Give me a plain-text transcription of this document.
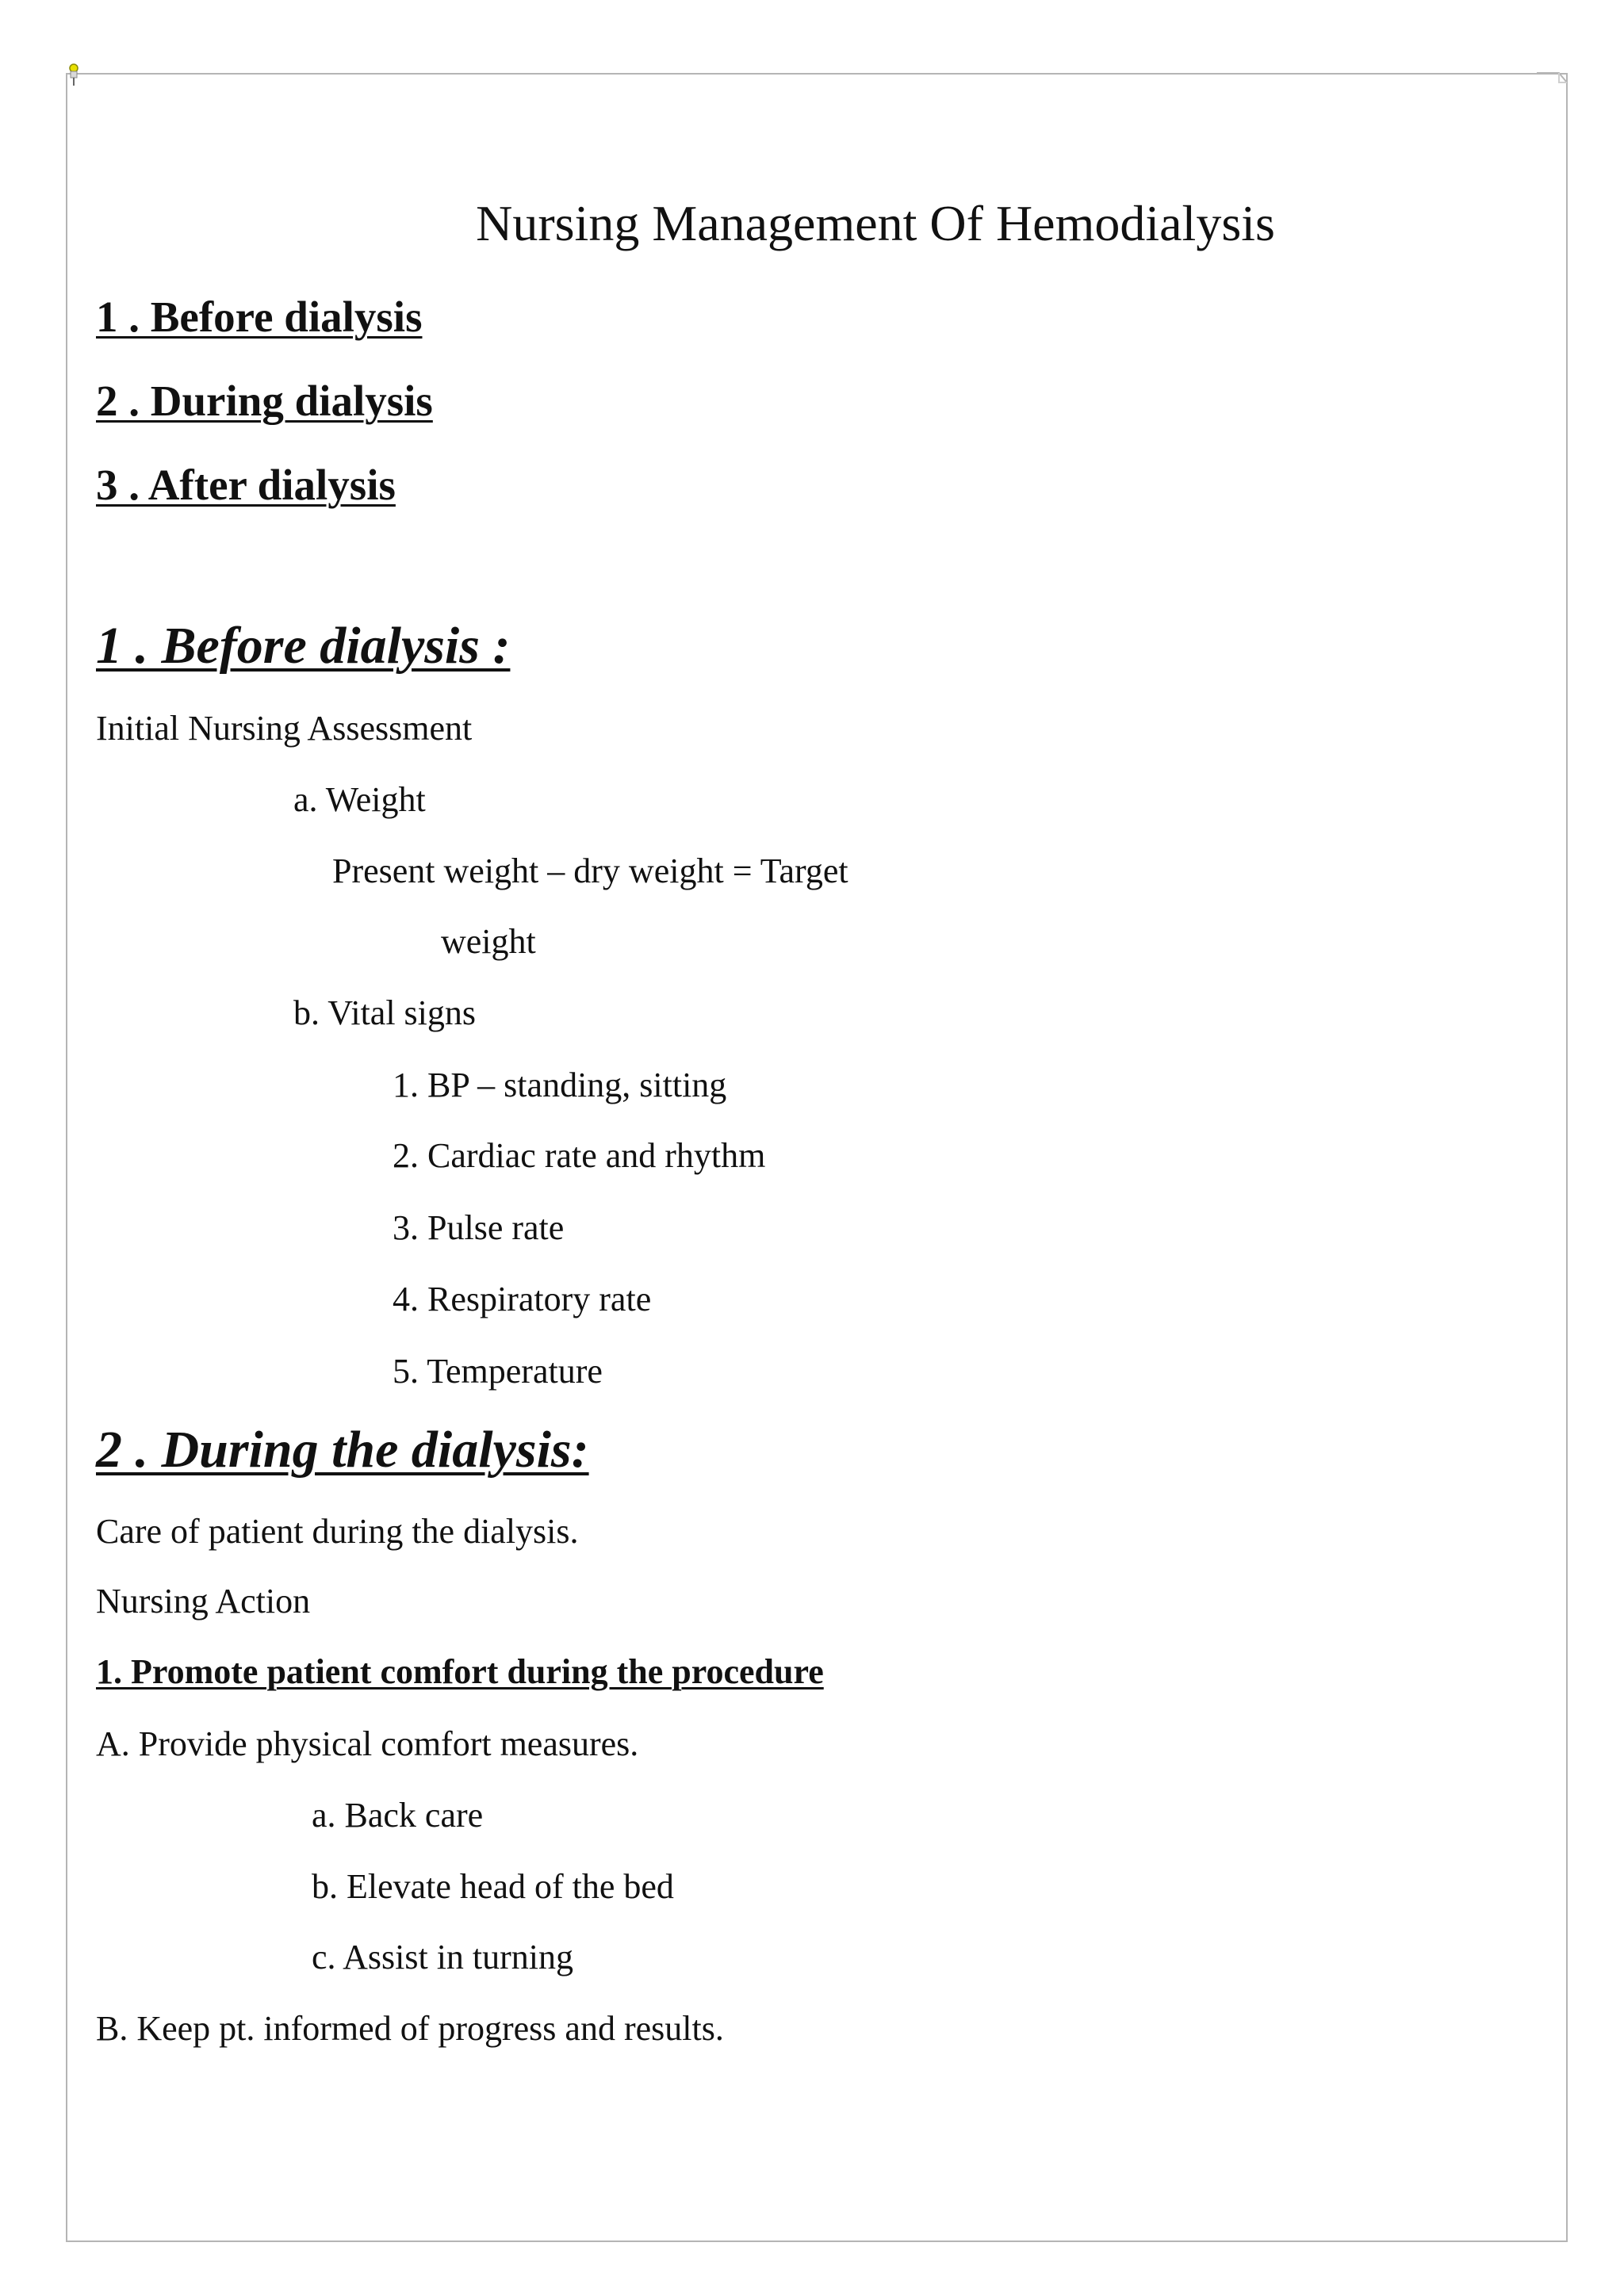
Nursing Management Of Hemodialysis
1 . Before dialysis
2 . During dialysis
3 . After dialysis
1 . Before dialysis :
Initial Nursing Assessment
a. Weight
Present weight – dry weight = Target
weight
b. Vital signs
1. BP – standing, sitting
2. Cardiac rate and rhythm
3. Pulse rate
4. Respiratory rate
5. Temperature
2 . During the dialysis:
Care of patient during the dialysis.
Nursing Action
1. Promote patient comfort during the procedure
A. Provide physical comfort measures.
a. Back care
b. Elevate head of the bed
c. Assist in turning
B. Keep pt. informed of progress and results.
